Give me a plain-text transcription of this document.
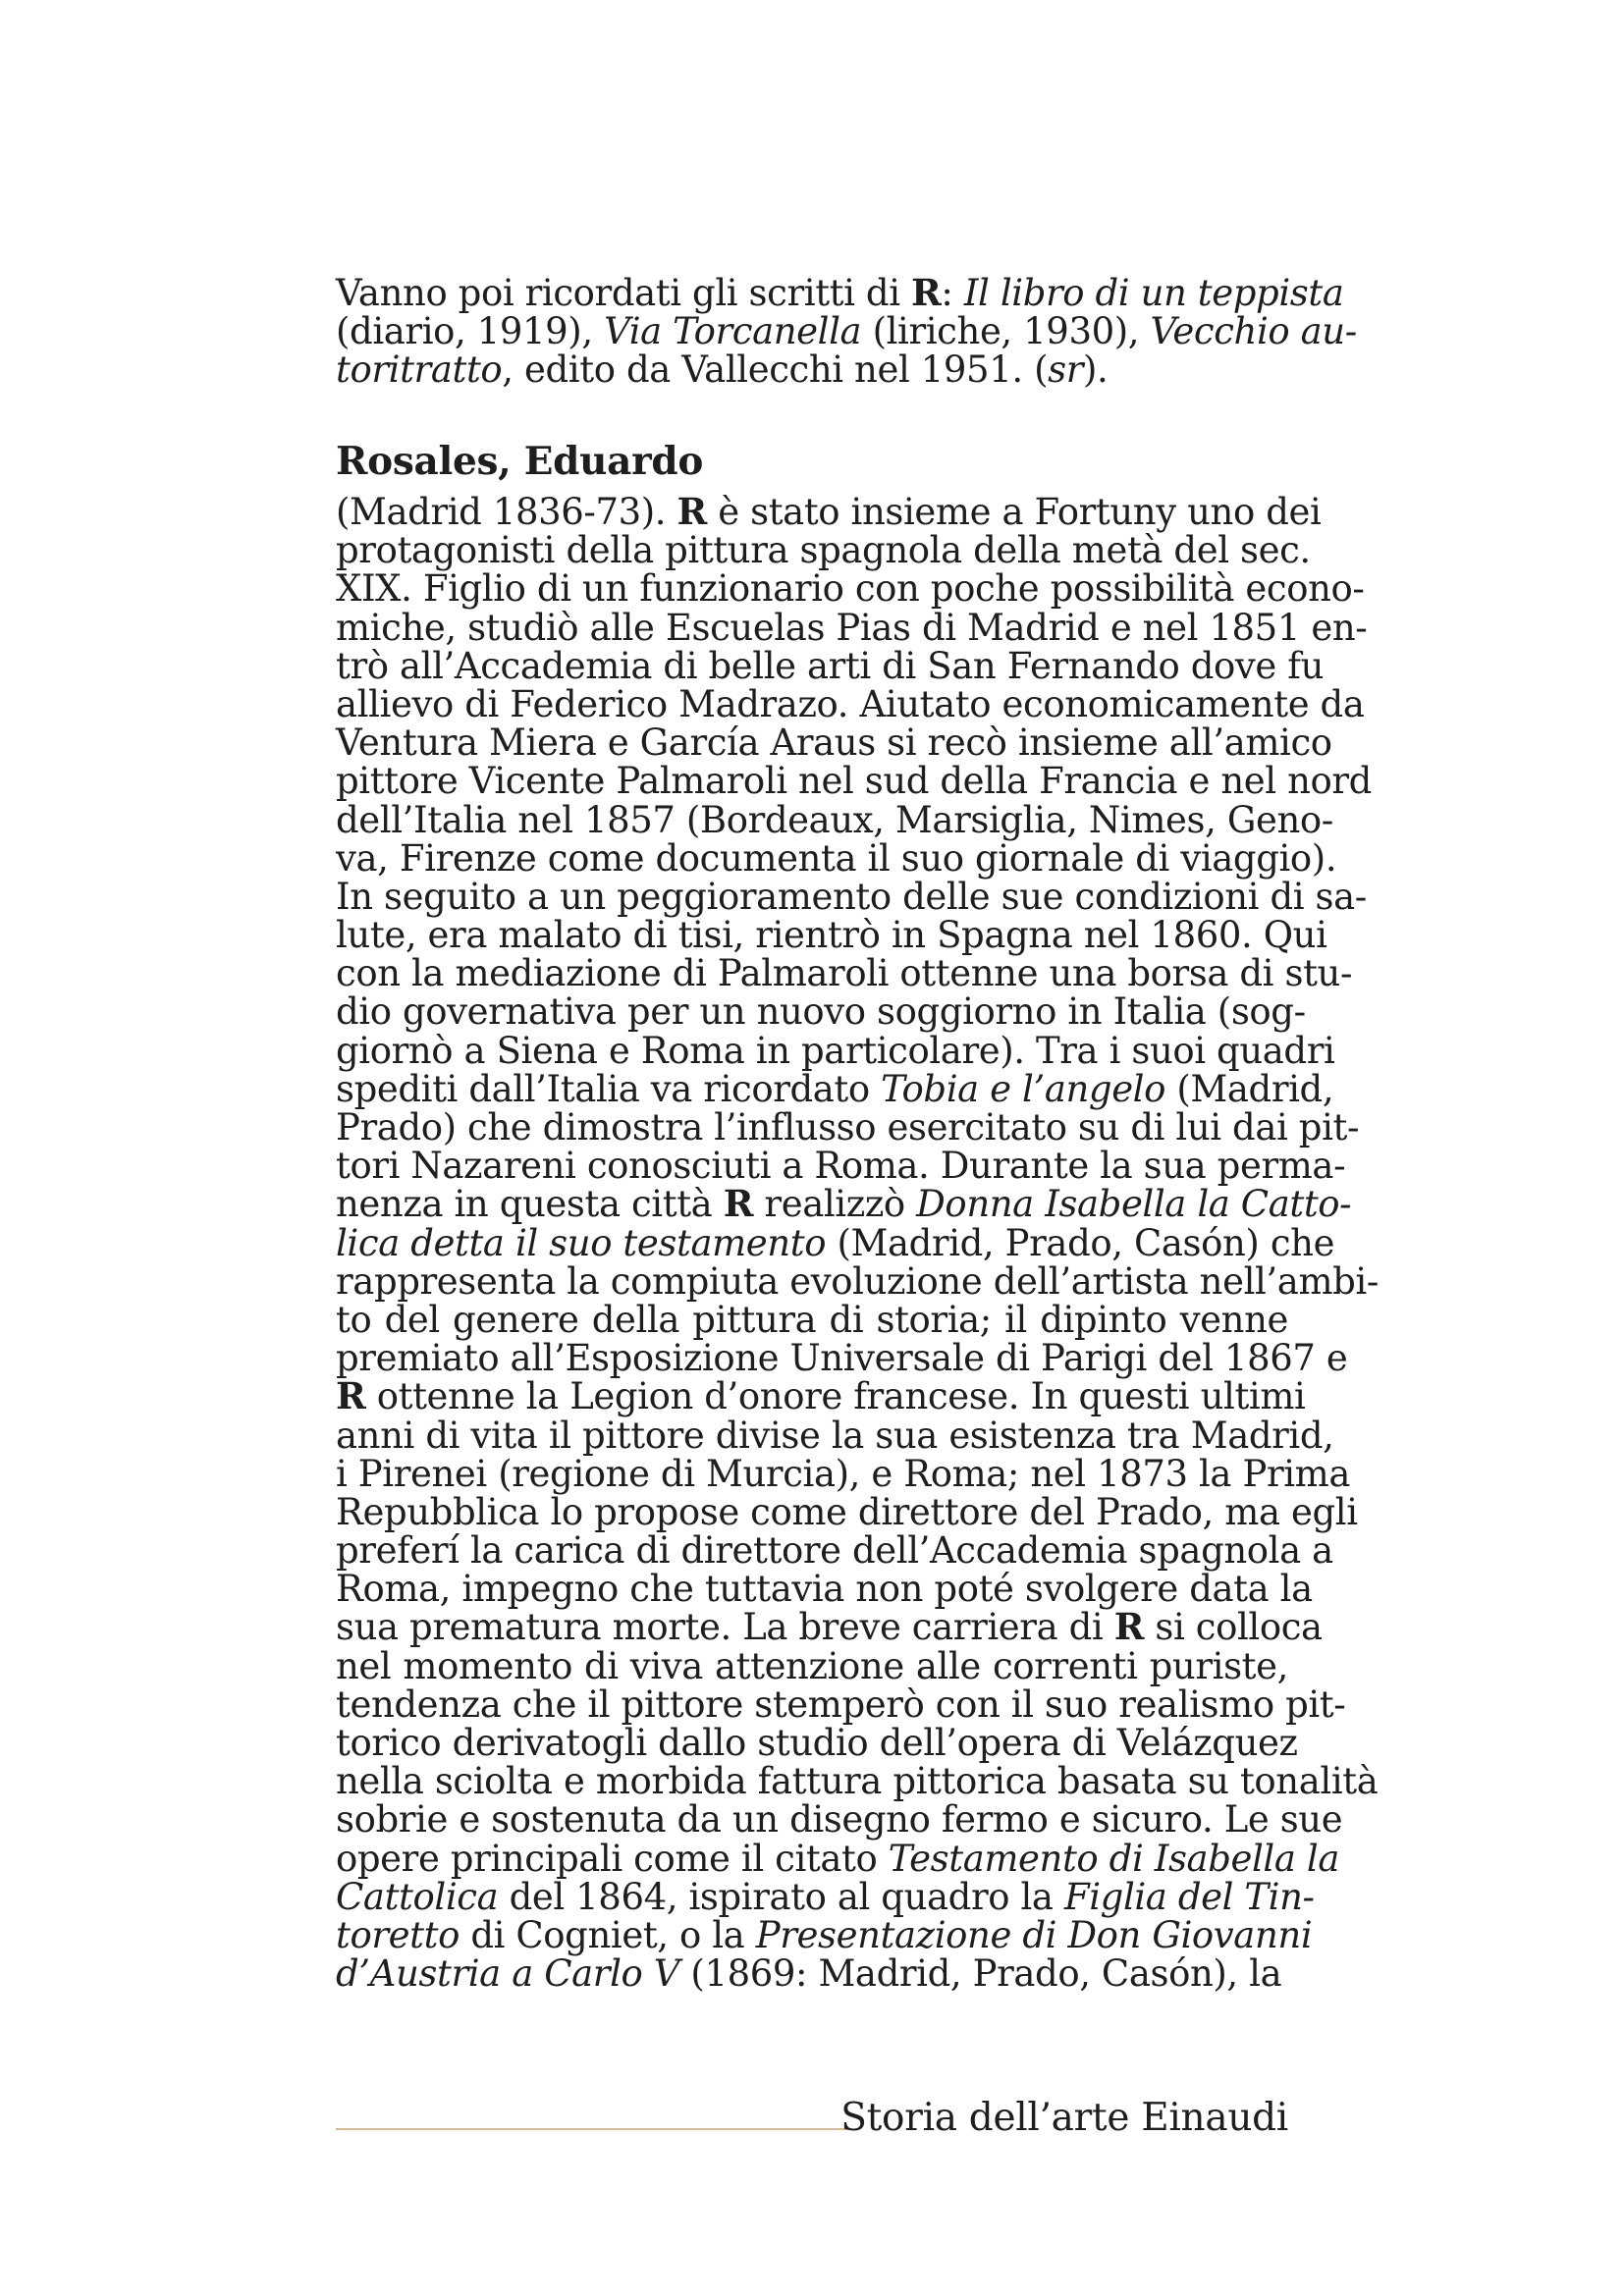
Vanno poi ricordati gli scritti di R: Il libro di un teppista
(diario, 1919), Via Torcanella (liriche, 1930), Vecchio au-
toritratto, edito da Vallecchi nel 1951. (sr).
Rosales, Eduardo
(Madrid 1836-73). R è stato insieme a Fortuny uno dei
protagonisti della pittura spagnola della metà del sec.
XIX. Figlio di un funzionario con poche possibilità econo-
miche, studiò alle Escuelas Pias di Madrid e nel 1851 en-
trò all’Accademia di belle arti di San Fernando dove fu
allievo di Federico Madrazo. Aiutato economicamente da
Ventura Miera e García Araus si recò insieme all’amico
pittore Vicente Palmaroli nel sud della Francia e nel nord
dell’Italia nel 1857 (Bordeaux, Marsiglia, Nimes, Geno-
va, Firenze come documenta il suo giornale di viaggio).
In seguito a un peggioramento delle sue condizioni di sa-
lute, era malato di tisi, rientrò in Spagna nel 1860. Qui
con la mediazione di Palmaroli ottenne una borsa di stu-
dio governativa per un nuovo soggiorno in Italia (sog-
giornò a Siena e Roma in particolare). Tra i suoi quadri
spediti dall’Italia va ricordato Tobia e l’angelo (Madrid,
Prado) che dimostra l’influsso esercitato su di lui dai pit-
tori Nazareni conosciuti a Roma. Durante la sua perma-
nenza in questa città R realizzò Donna Isabella la Catto-
lica detta il suo testamento (Madrid, Prado, Casón) che
rappresenta la compiuta evoluzione dell’artista nell’ambi-
to del genere della pittura di storia; il dipinto venne
premiato all’Esposizione Universale di Parigi del 1867 e
R ottenne la Legion d’onore francese. In questi ultimi
anni di vita il pittore divise la sua esistenza tra Madrid,
i Pirenei (regione di Murcia), e Roma; nel 1873 la Prima
Repubblica lo propose come direttore del Prado, ma egli
preferí la carica di direttore dell’Accademia spagnola a
Roma, impegno che tuttavia non poté svolgere data la
sua prematura morte. La breve carriera di R si colloca
nel momento di viva attenzione alle correnti puriste,
tendenza che il pittore stemperò con il suo realismo pit-
torico derivatogli dallo studio dell’opera di Velázquez
nella sciolta e morbida fattura pittorica basata su tonalità
sobrie e sostenuta da un disegno fermo e sicuro. Le sue
opere principali come il citato Testamento di Isabella la
Cattolica del 1864, ispirato al quadro la Figlia del Tin-
toretto di Cogniet, o la Presentazione di Don Giovanni
d’Austria a Carlo V (1869: Madrid, Prado, Casón), la
Storia dell’arte Einaudi
